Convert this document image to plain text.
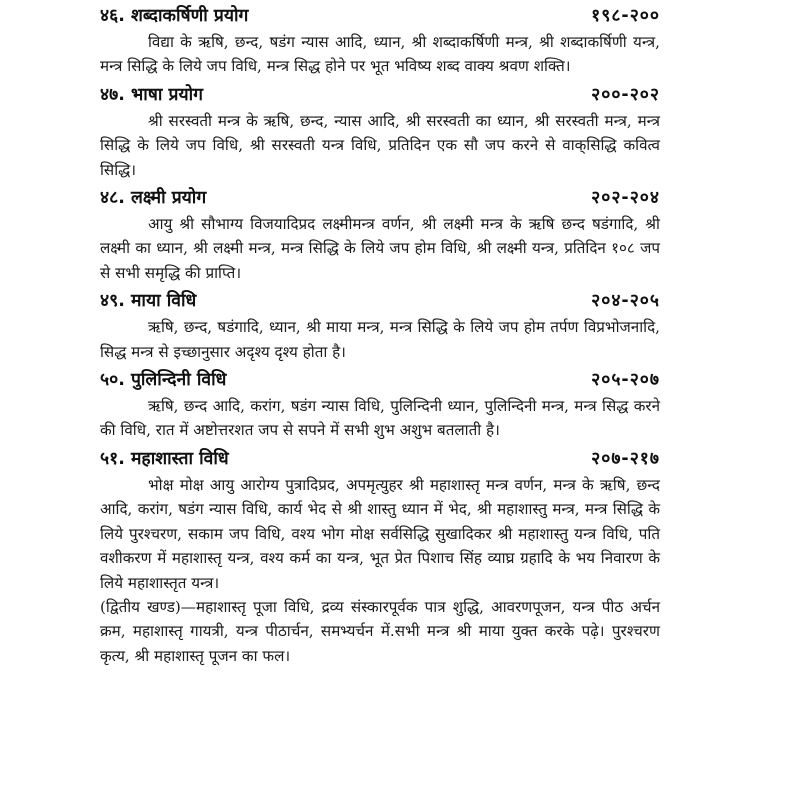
४६. शब्दाकर्षिणी प्रयोग	१९८-२००

विद्या के ऋषि, छन्द, षडंग न्यास आदि, ध्यान, श्री शब्दाकर्षिणी मन्त्र, श्री शब्दाकर्षिणी यन्त्र, मन्त्र सिद्धि के लिये जप विधि, मन्त्र सिद्ध होने पर भूत भविष्य शब्द वाक्य श्रवण शक्ति।

४७. भाषा प्रयोग	२००-२०२

श्री सरस्वती मन्त्र के ऋषि, छन्द, न्यास आदि, श्री सरस्वती का ध्यान, श्री सरस्वती मन्त्र, मन्त्र सिद्धि के लिये जप विधि, श्री सरस्वती यन्त्र विधि, प्रतिदिन एक सौ जप करने से वाक्‌सिद्धि कवित्व सिद्धि।

४८. लक्ष्मी प्रयोग	२०२-२०४

आयु श्री सौभाग्य विजयादिप्रद लक्ष्मीमन्त्र वर्णन, श्री लक्ष्मी मन्त्र के ऋषि छन्द षडंगादि, श्री लक्ष्मी का ध्यान, श्री लक्ष्मी मन्त्र, मन्त्र सिद्धि के लिये जप होम विधि, श्री लक्ष्मी यन्त्र, प्रतिदिन १०८ जप से सभी समृद्धि की प्राप्ति।

४९. माया विधि	२०४-२०५

ऋषि, छन्द, षडंगादि, ध्यान, श्री माया मन्त्र, मन्त्र सिद्धि के लिये जप होम तर्पण विप्रभोजनादि, सिद्ध मन्त्र से इच्छानुसार अदृश्य दृश्य होता है।

५०. पुलिन्दिनी विधि	२०५-२०७

ऋषि, छन्द आदि, करांग, षडंग न्यास विधि, पुलिन्दिनी ध्यान, पुलिन्दिनी मन्त्र, मन्त्र सिद्ध करने की विधि, रात में अष्टोत्तरशत जप से सपने में सभी शुभ अशुभ बतलाती है।

५१. महाशास्ता विधि	२०७-२१७

भोक्ष मोक्ष आयु आरोग्य पुत्रादिप्रद, अपमृत्युहर श्री महाशास्तृ मन्त्र वर्णन, मन्त्र के ऋषि, छन्द आदि, करांग, षडंग न्यास विधि, कार्य भेद से श्री शास्तु ध्यान में भेद, श्री महाशास्तु मन्त्र, मन्त्र सिद्धि के लिये पुरश्चरण, सकाम जप विधि, वश्य भोग मोक्ष सर्वसिद्धि सुखादिकर श्री महाशास्तु यन्त्र विधि, पति वशीकरण में महाशास्तृ यन्त्र, वश्य कर्म का यन्त्र, भूत प्रेत पिशाच सिंह व्याघ्र ग्रहादि के भय निवारण के लिये महाशास्तृत यन्त्र।

(द्वितीय खण्ड)—महाशास्तृ पूजा विधि, द्रव्य संस्कारपूर्वक पात्र शुद्धि, आवरणपूजन, यन्त्र पीठ अर्चन क्रम, महाशास्तृ गायत्री, यन्त्र पीठार्चन, समभ्यर्चन में.सभी मन्त्र श्री माया युक्त करके पढ़े। पुरश्चरण कृत्य, श्री महाशास्तृ पूजन का फल।
